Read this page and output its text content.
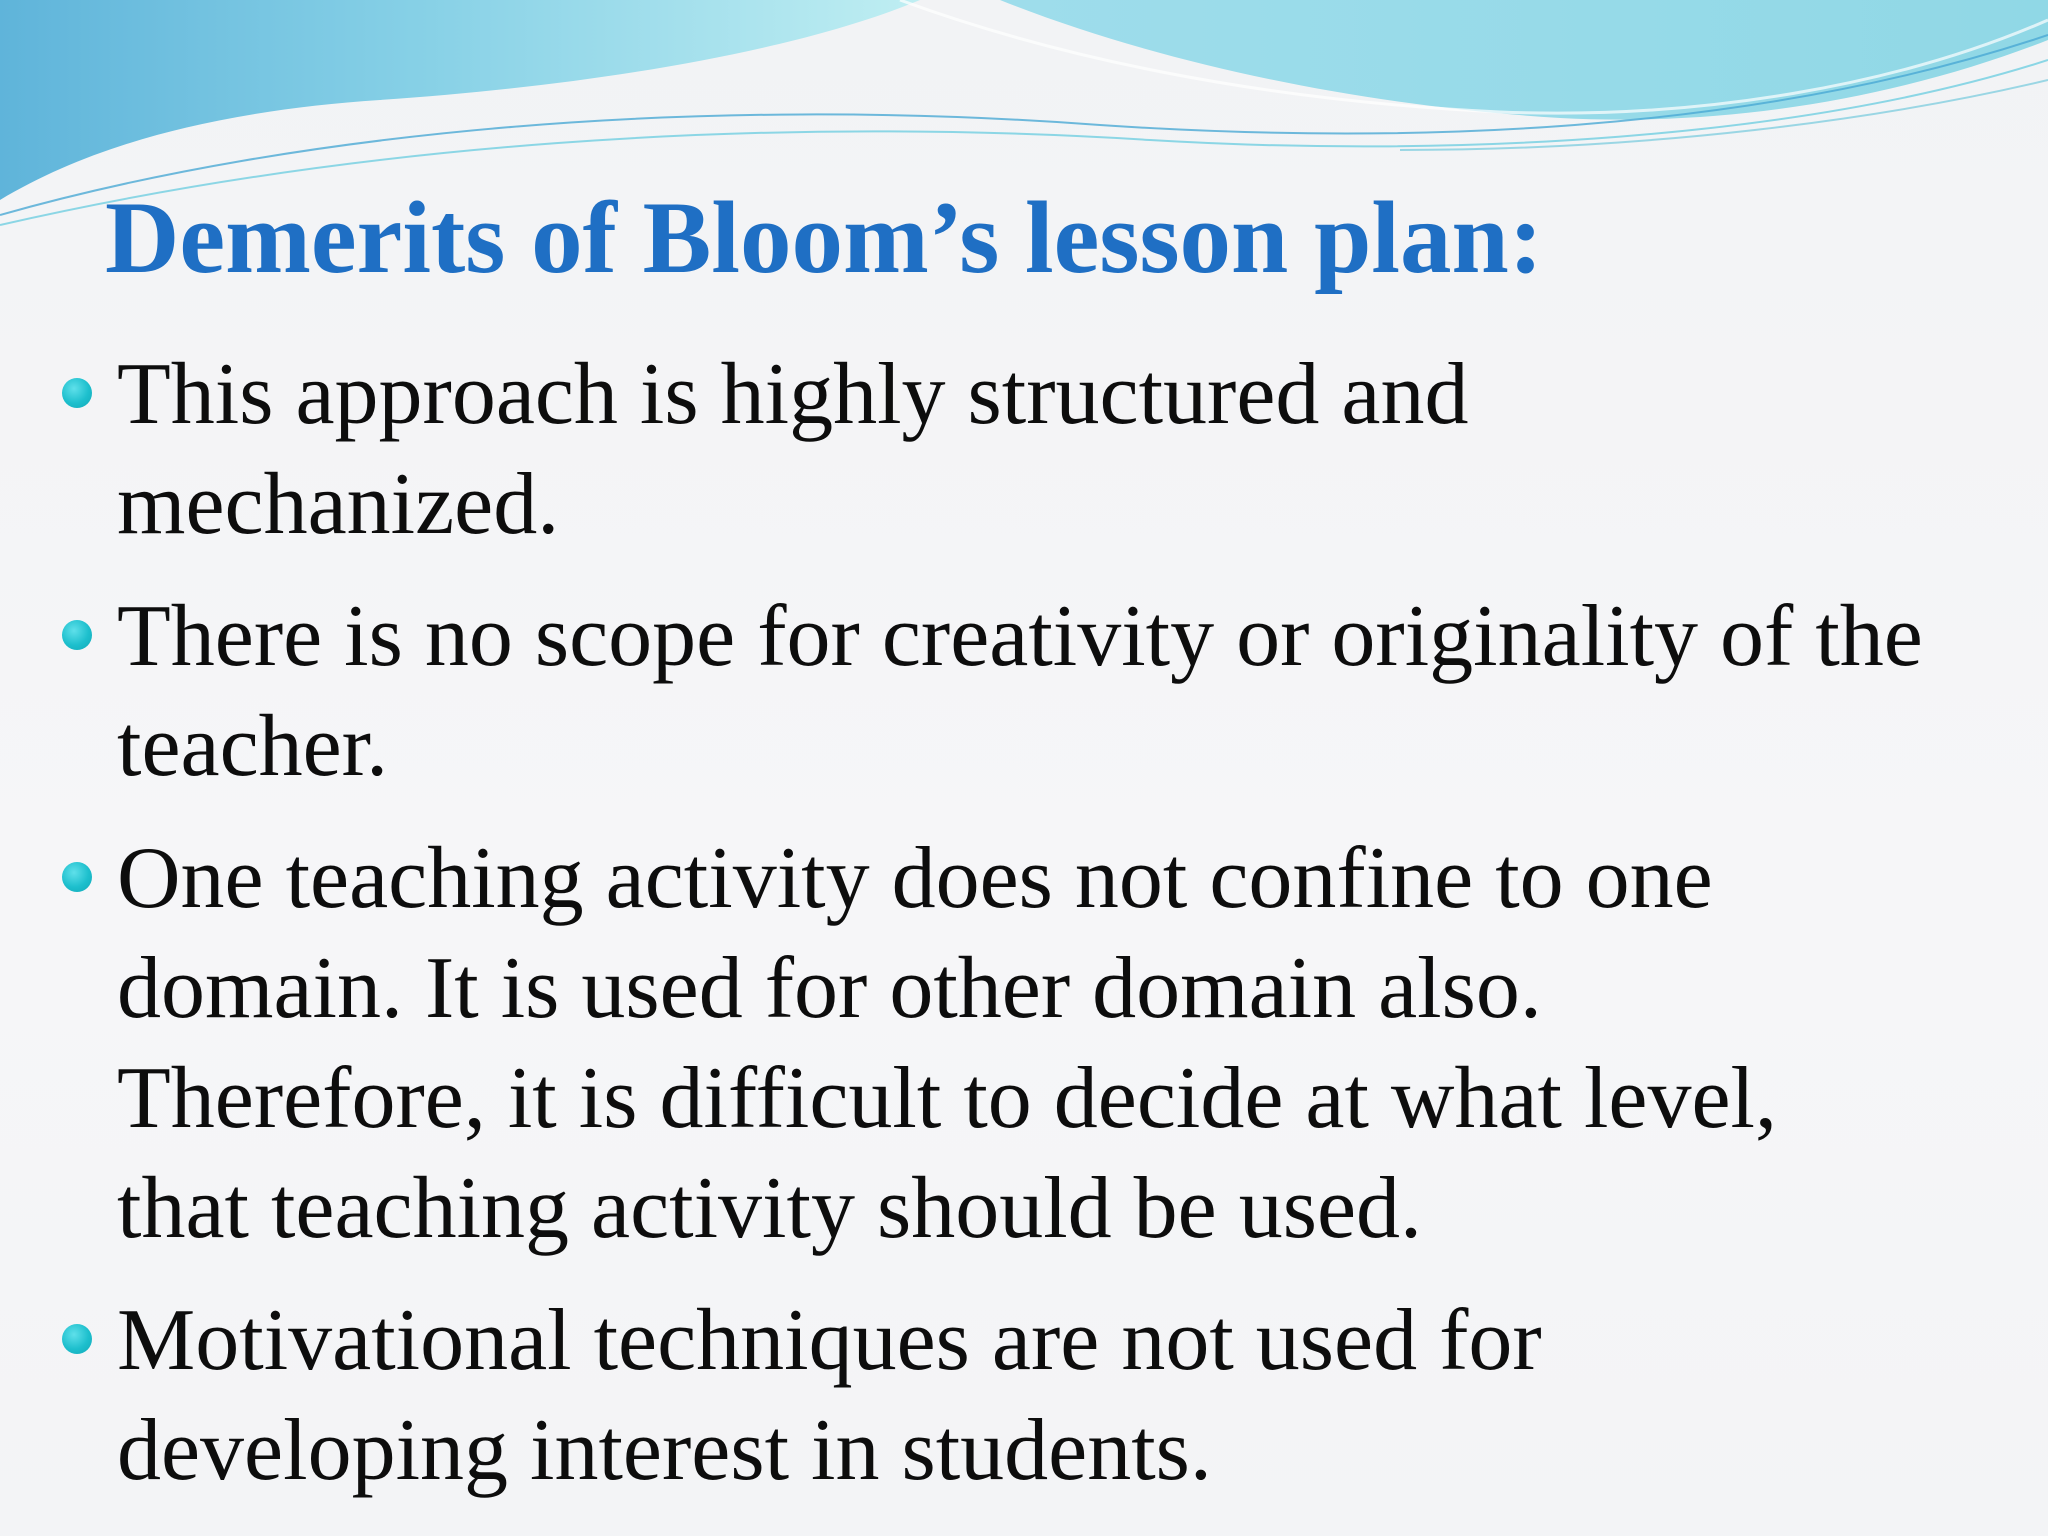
Demerits of Bloom’s lesson plan:
This approach is highly structured and mechanized.
There is no scope for creativity or originality of the teacher.
One teaching activity does not confine to one domain. It is used for other domain also. Therefore, it is difficult to decide at what level, that teaching activity should be used.
Motivational techniques are not used for developing interest in students.
